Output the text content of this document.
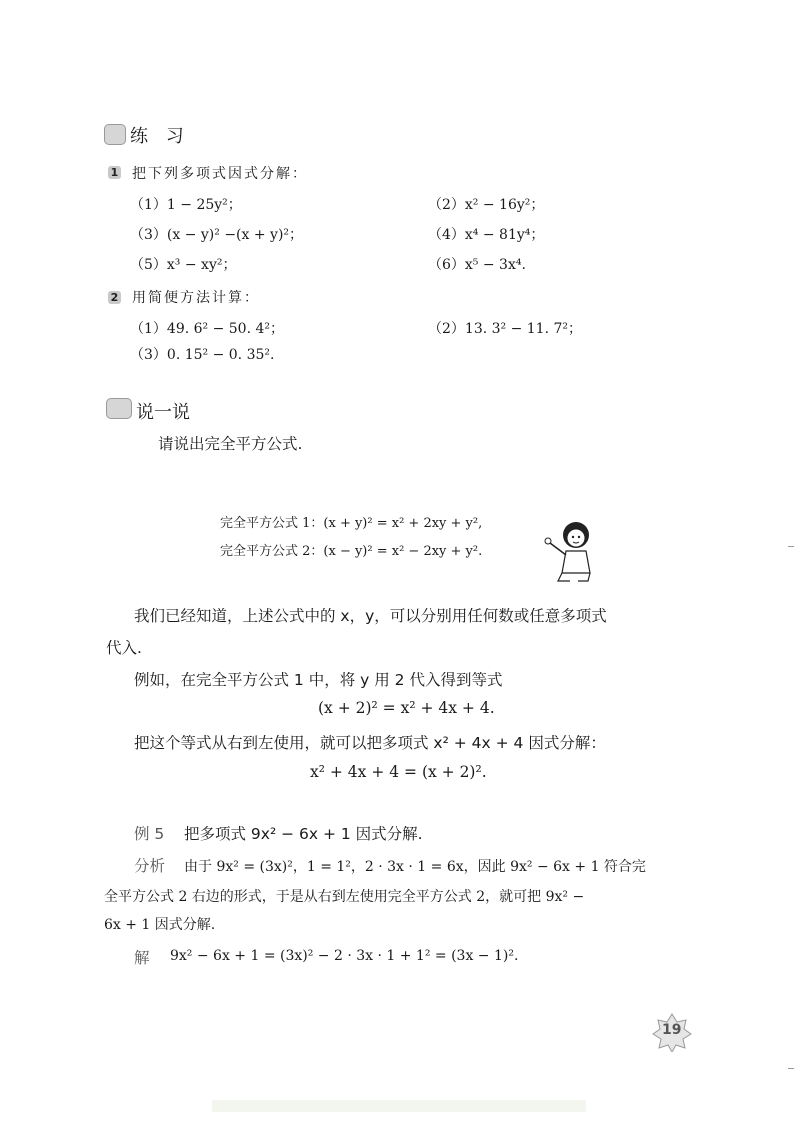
练 习
1 把下列多项式因式分解：
（1）1 − 25y²；	（2）x² − 16y²；
（3）(x − y)² −(x + y)²；	（4）x⁴ − 81y⁴；
（5）x³ − xy²；	（6）x⁵ − 3x⁴.
2 用简便方法计算：
（1）49. 6² − 50. 4²；	（2）13. 3² − 11. 7²；
（3）0. 15² − 0. 35².
说一说
请说出完全平方公式.
完全平方公式 1：(x + y)² = x² + 2xy + y²,
完全平方公式 2：(x − y)² = x² − 2xy + y².
我们已经知道，上述公式中的 x，y，可以分别用任何数或任意多项式
代入.
例如，在完全平方公式 1 中，将 y 用 2 代入得到等式
(x + 2)² = x² + 4x + 4.
把这个等式从右到左使用，就可以把多项式 x² + 4x + 4 因式分解：
x² + 4x + 4 = (x + 2)².
例 5 把多项式 9x² − 6x + 1 因式分解.
分析 由于 9x² = (3x)²，1 = 1²，2 · 3x · 1 = 6x，因此 9x² − 6x + 1 符合完
全平方公式 2 右边的形式，于是从右到左使用完全平方公式 2，就可把 9x² −
6x + 1 因式分解.
解 9x² − 6x + 1 = (3x)² − 2 · 3x · 1 + 1² = (3x − 1)².
19
